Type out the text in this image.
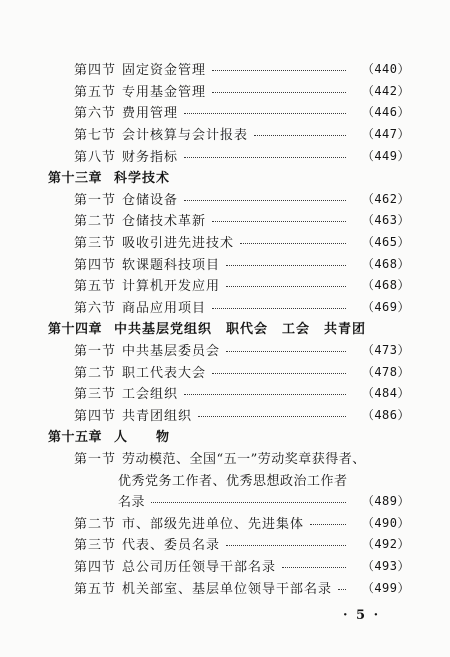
第四节 固定资金管理	（440）
第五节 专用基金管理	（442）
第六节 费用管理	（446）
第七节 会计核算与会计报表	（447）
第八节 财务指标	（449）
第十三章 科学技术
第一节 仓储设备	（462）
第二节 仓储技术革新	（463）
第三节 吸收引进先进技术	（465）
第四节 软课题科技项目	（468）
第五节 计算机开发应用	（468）
第六节 商品应用项目	（469）
第十四章 中共基层党组织　职代会　工会　共青团
第一节 中共基层委员会	（473）
第二节 职工代表大会	（478）
第三节 工会组织	（484）
第四节 共青团组织	（486）
第十五章 人　　物
第一节 劳动模范、全国“五一”劳动奖章获得者、
优秀党务工作者、优秀思想政治工作者
名录	（489）
第二节 市、部级先进单位、先进集体	（490）
第三节 代表、委员名录	（492）
第四节 总公司历任领导干部名录	（493）
第五节 机关部室、基层单位领导干部名录	（499）
· 5 ·
